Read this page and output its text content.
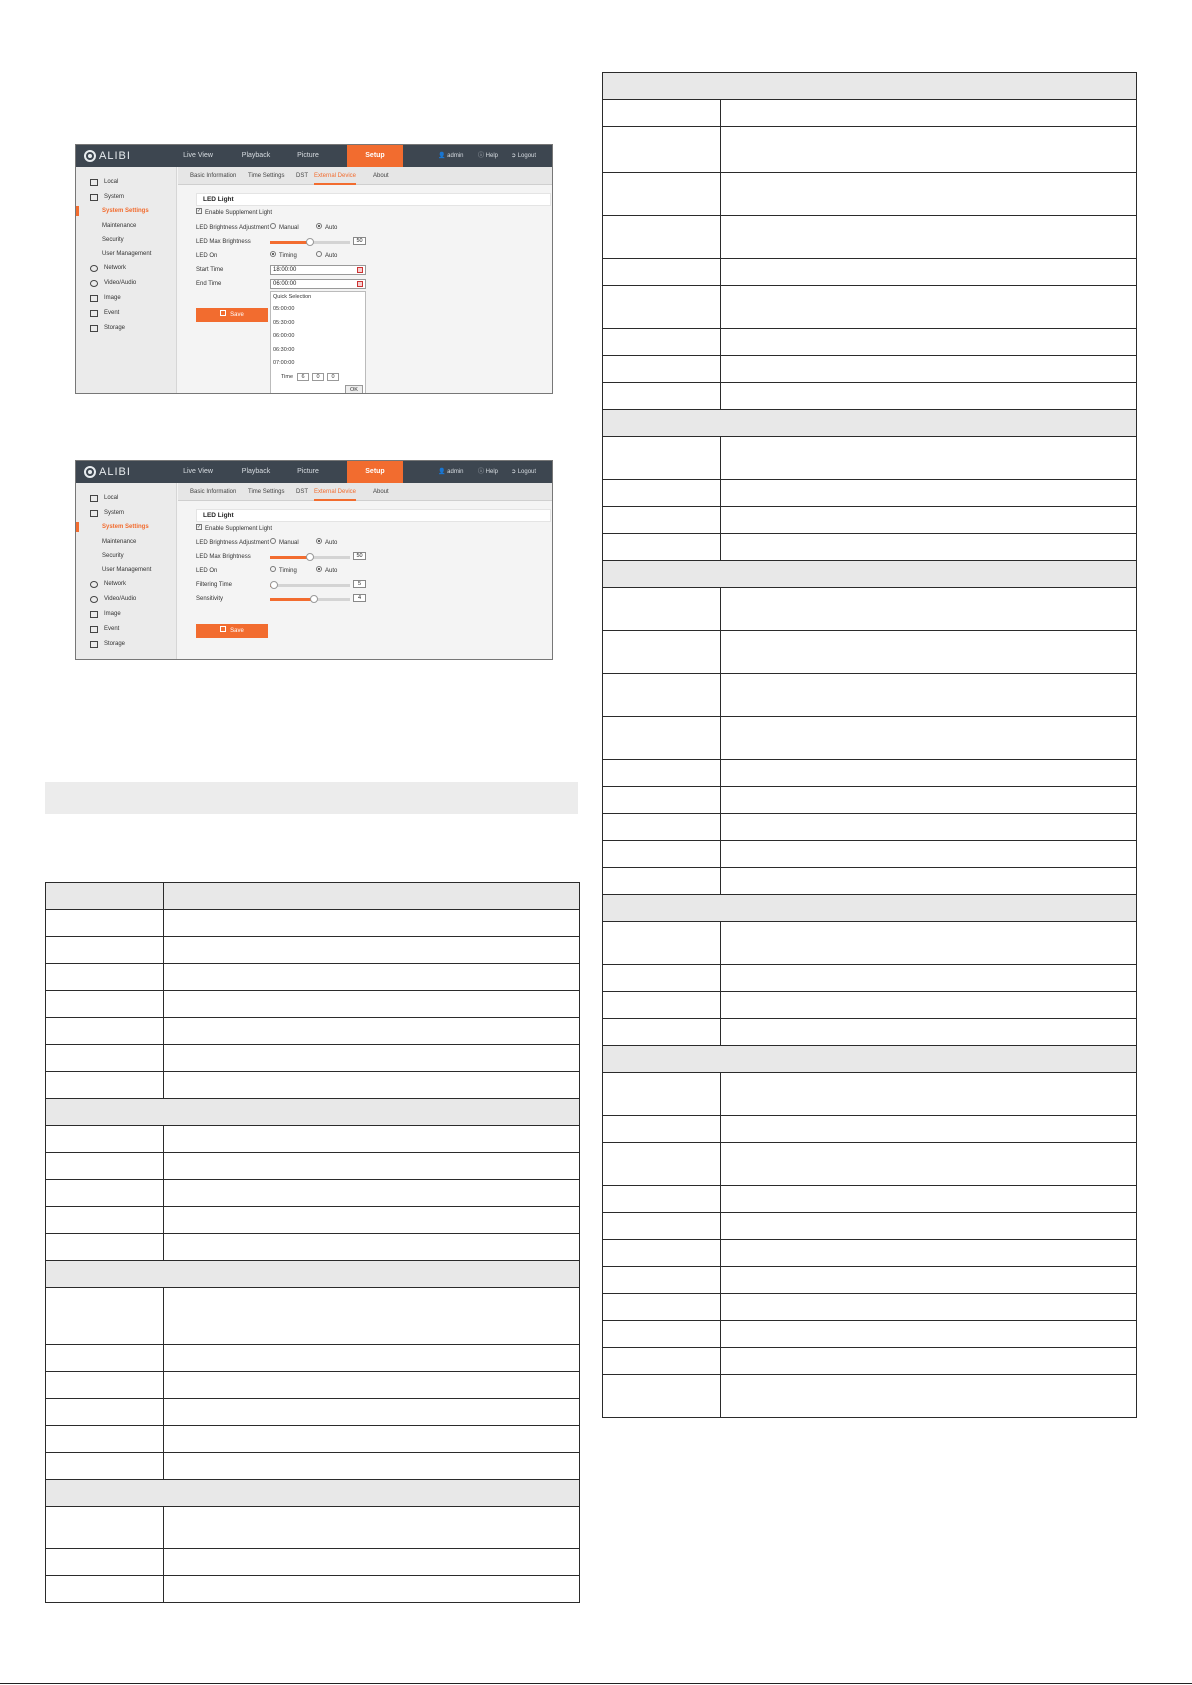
ALIBI	Live View	Playback	Picture	Setup	👤 admin ⓘ Help ➲ Logout
Local
System
System Settings
Maintenance
Security
User Management
Network
Video/Audio
Image
Event
Storage
Basic Information Time Settings DST External Device	About
LED Light
✓ Enable Supplement Light
LED Brightness Adjustment	Manual	Auto
LED Max Brightness	50
LED On	Timing	Auto
Start Time	18:00:00
End Time	06:00:00
Save
Quick Selection
05:00:00
05:30:00
06:00:00
06:30:00
07:00:00
Time	6	0	0
OK
ALIBI	Live View	Playback	Picture	Setup	👤 admin ⓘ Help ➲ Logout
Local
System
System Settings
Maintenance
Security
User Management
Network
Video/Audio
Image
Event
Storage
Basic Information Time Settings DST External Device	About
LED Light
✓ Enable Supplement Light
LED Brightness Adjustment	Manual	Auto
LED Max Brightness	50
LED On	Timing	Auto
Filtering Time	5
Sensitivity	4
Save
